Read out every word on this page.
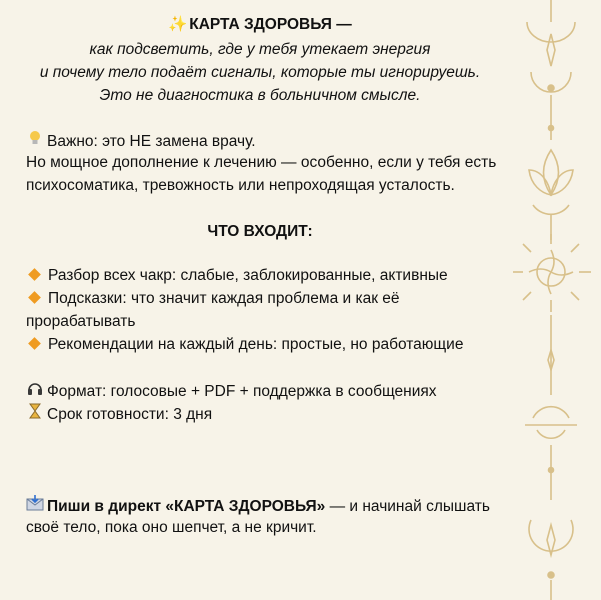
✨ КАРТА ЗДОРОВЬЯ —
как подсветить, где у тебя утекает энергия
и почему тело подаёт сигналы, которые ты игнорируешь.
Это не диагностика в больничном смысле.
Важно: это НЕ замена врачу.
Но мощное дополнение к лечению — особенно, если у тебя есть
психосоматика, тревожность или непроходящая усталость.
ЧТО ВХОДИТ:
Разбор всех чакр: слабые, заблокированные, активные
Подсказки: что значит каждая проблема и как её
прорабатывать
Рекомендации на каждый день: простые, но работающие
Формат: голосовые + PDF + поддержка в сообщениях
Срок готовности: 3 дня
Пиши в директ «КАРТА ЗДОРОВЬЯ» — и начинай слышать
своё тело, пока оно шепчет, а не кричит.
